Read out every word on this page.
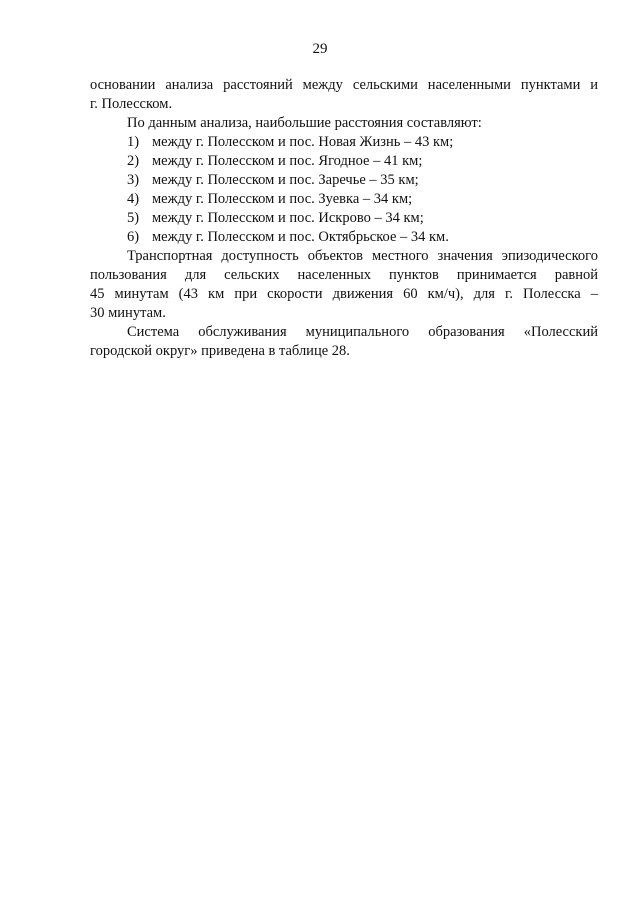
29
основании анализа расстояний между сельскими населенными пунктами и
г. Полесском.
По данным анализа, наибольшие расстояния составляют:
1) между г. Полесском и пос. Новая Жизнь – 43 км;
2) между г. Полесском и пос. Ягодное – 41 км;
3) между г. Полесском и пос. Заречье – 35 км;
4) между г. Полесском и пос. Зуевка – 34 км;
5) между г. Полесском и пос. Искрово – 34 км;
6) между г. Полесском и пос. Октябрьское – 34 км.
Транспортная доступность объектов местного значения эпизодического
пользования для сельских населенных пунктов принимается равной
45 минутам (43 км при скорости движения 60 км/ч), для г. Полесска –
30 минутам.
Система обслуживания муниципального образования «Полесский
городской округ» приведена в таблице 28.
